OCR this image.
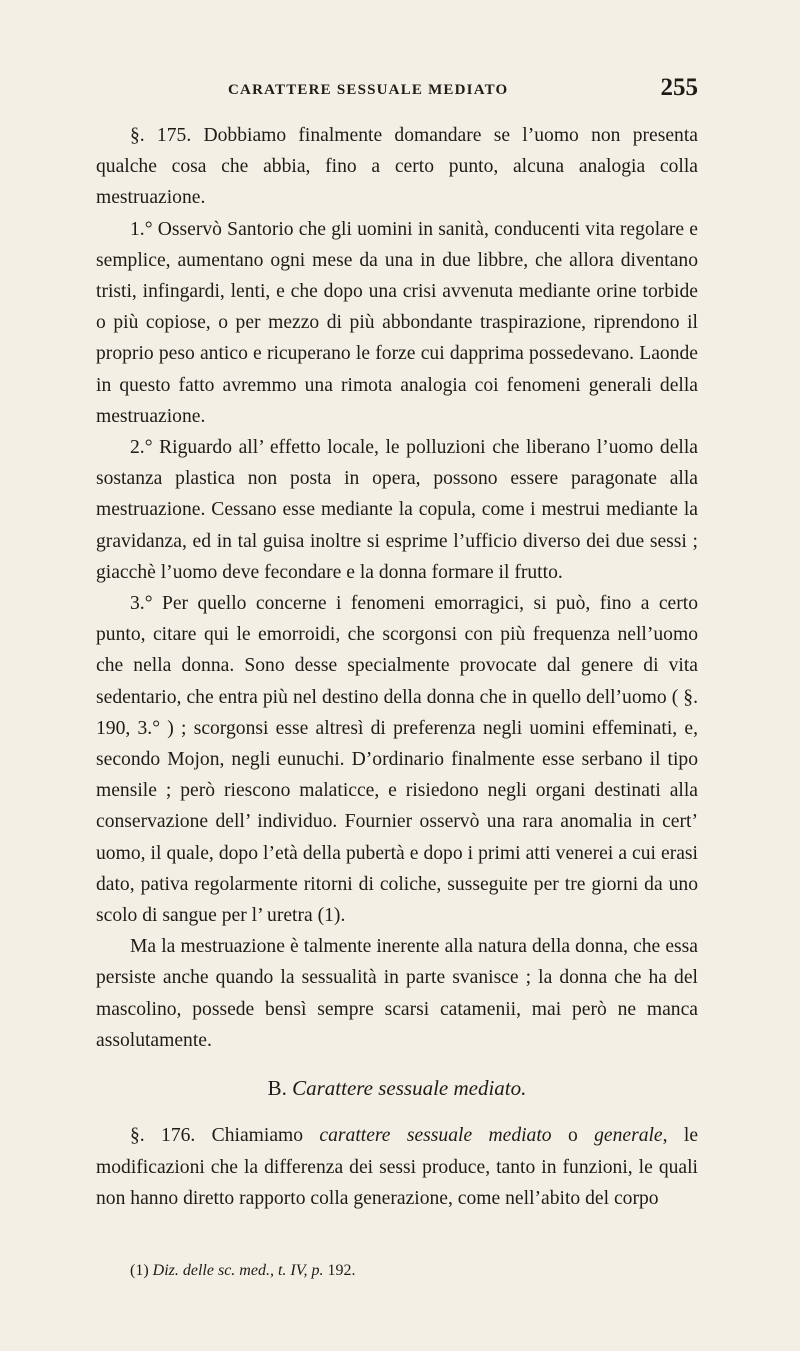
CARATTERE SESSUALE MEDIATO	255

§. 175. Dobbiamo finalmente domandare se l’uomo non presenta qualche cosa che abbia, fino a certo punto, alcuna analogia colla mestruazione.

1.° Osservò Santorio che gli uomini in sanità, conducenti vita regolare e semplice, aumentano ogni mese da una in due libbre, che allora diventano tristi, infingardi, lenti, e che dopo una crisi avvenuta mediante orine torbide o più copiose, o per mezzo di più abbondante traspirazione, riprendono il proprio peso antico e ricuperano le forze cui dapprima possedevano. Laonde in questo fatto avremmo una rimota analogia coi fenomeni generali della mestruazione.

2.° Riguardo all’ effetto locale, le polluzioni che liberano l’uomo della sostanza plastica non posta in opera, possono essere paragonate alla mestruazione. Cessano esse mediante la copula, come i mestrui mediante la gravidanza, ed in tal guisa inoltre si esprime l’ufficio diverso dei due sessi ; giacchè l’uomo deve fecondare e la donna formare il frutto.

3.° Per quello concerne i fenomeni emorragici, si può, fino a certo punto, citare qui le emorroidi, che scorgonsi con più frequenza nell’uomo che nella donna. Sono desse specialmente provocate dal genere di vita sedentario, che entra più nel destino della donna che in quello dell’uomo ( §. 190, 3.° ) ; scorgonsi esse altresì di preferenza negli uomini effeminati, e, secondo Mojon, negli eunuchi. D’ordinario finalmente esse serbano il tipo mensile ; però riescono malaticce, e risiedono negli organi destinati alla conservazione dell’ individuo. Fournier osservò una rara anomalia in cert’ uomo, il quale, dopo l’età della pubertà e dopo i primi atti venerei a cui erasi dato, pativa regolarmente ritorni di coliche, susseguite per tre giorni da uno scolo di sangue per l’ uretra (1).

Ma la mestruazione è talmente inerente alla natura della donna, che essa persiste anche quando la sessualità in parte svanisce ; la donna che ha del mascolino, possede bensì sempre scarsi catamenii, mai però ne manca assolutamente.

B. Carattere sessuale mediato.

§. 176. Chiamiamo carattere sessuale mediato o generale, le modificazioni che la differenza dei sessi produce, tanto in funzioni, le quali non hanno diretto rapporto colla generazione, come nell’abito del corpo

(1) Diz. delle sc. med., t. IV, p. 192.
